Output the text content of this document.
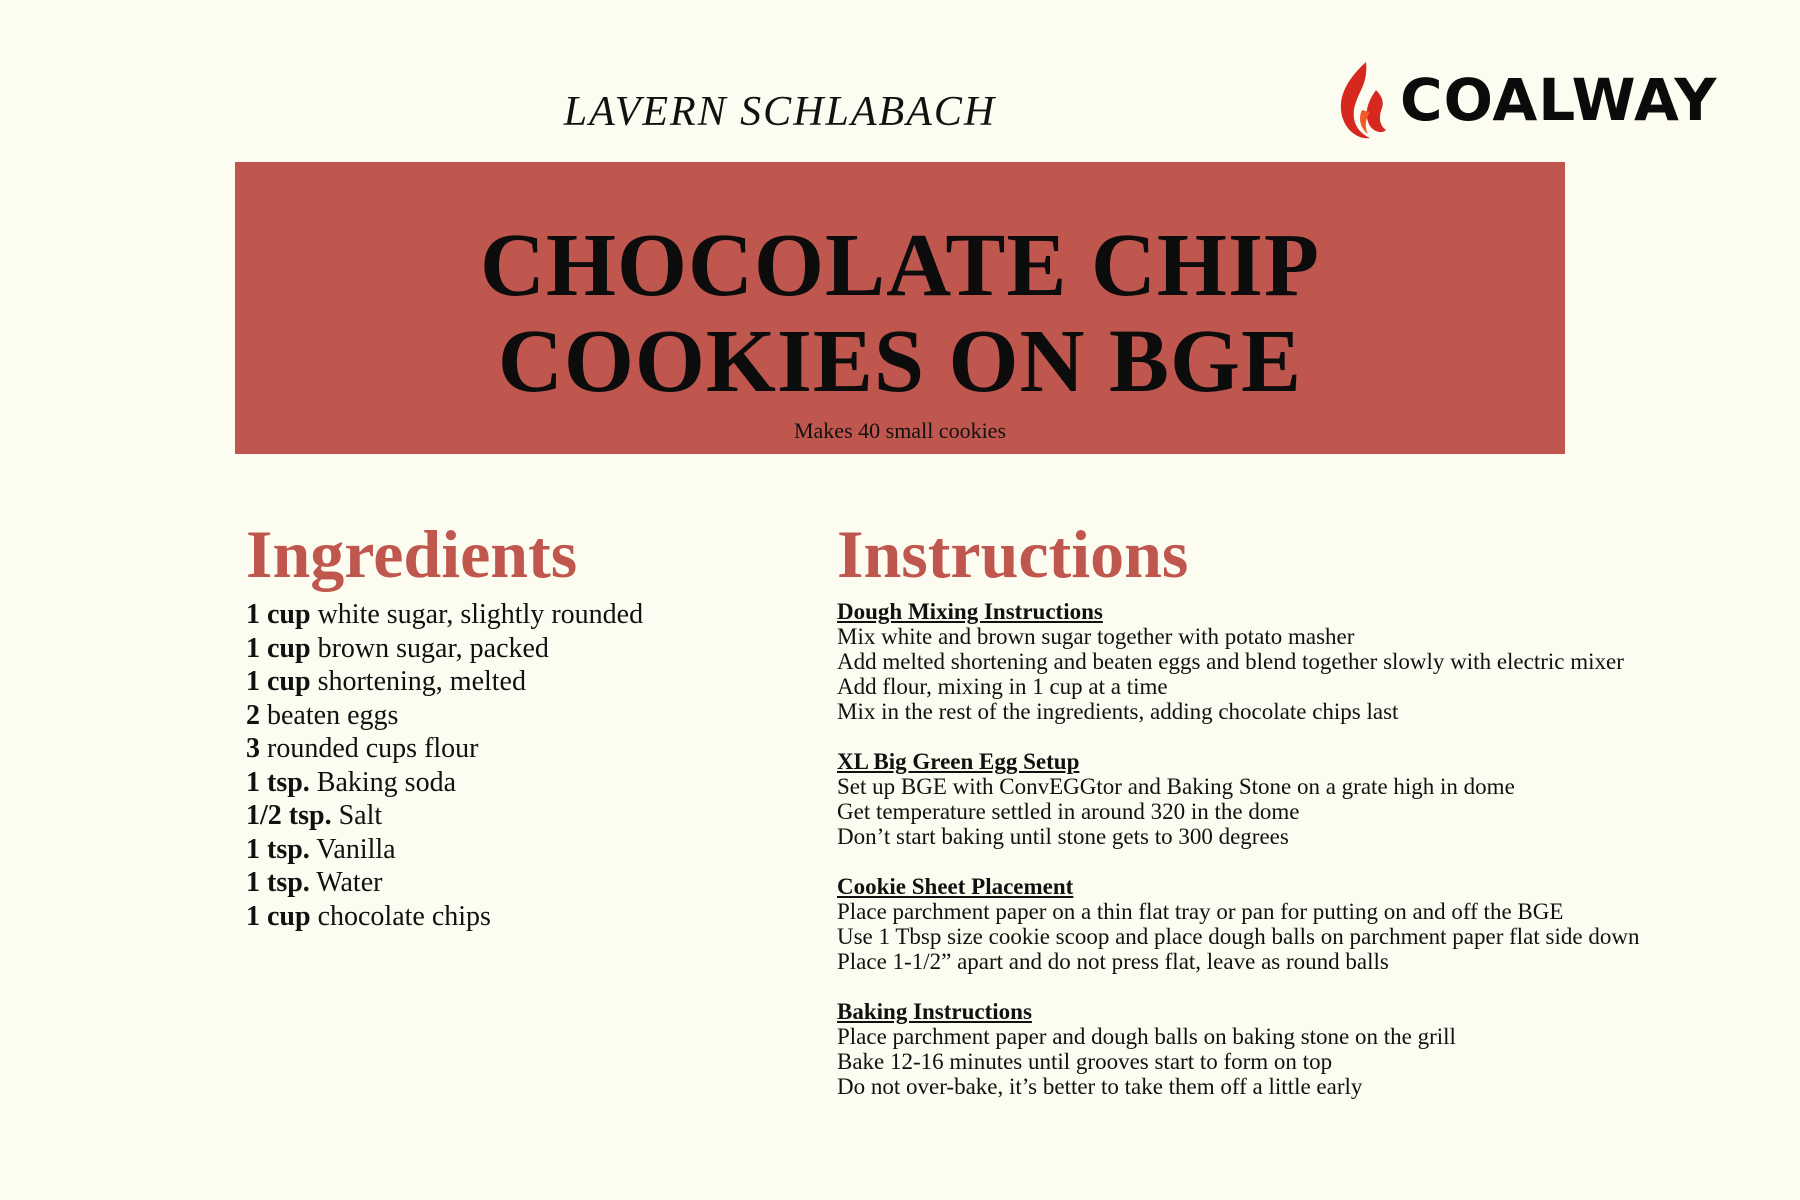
LAVERN SCHLABACH	COALWAY
CHOCOLATE CHIP
COOKIES ON BGE
Makes 40 small cookies
Ingredients
1 cup white sugar, slightly rounded
1 cup brown sugar, packed
1 cup shortening, melted
2 beaten eggs
3 rounded cups flour
1 tsp. Baking soda
1/2 tsp. Salt
1 tsp. Vanilla
1 tsp. Water
1 cup chocolate chips
Instructions
Dough Mixing Instructions

Mix white and brown sugar together with potato masher

Add melted shortening and beaten eggs and blend together slowly with electric mixer

Add flour, mixing in 1 cup at a time

Mix in the rest of the ingredients, adding chocolate chips last

XL Big Green Egg Setup

Set up BGE with ConvEGGtor and Baking Stone on a grate high in dome

Get temperature settled in around 320 in the dome

Don’t start baking until stone gets to 300 degrees

Cookie Sheet Placement

Place parchment paper on a thin flat tray or pan for putting on and off the BGE

Use 1 Tbsp size cookie scoop and place dough balls on parchment paper flat side down

Place 1-1/2” apart and do not press flat, leave as round balls

Baking Instructions

Place parchment paper and dough balls on baking stone on the grill

Bake 12-16 minutes until grooves start to form on top

Do not over-bake, it’s better to take them off a little early
